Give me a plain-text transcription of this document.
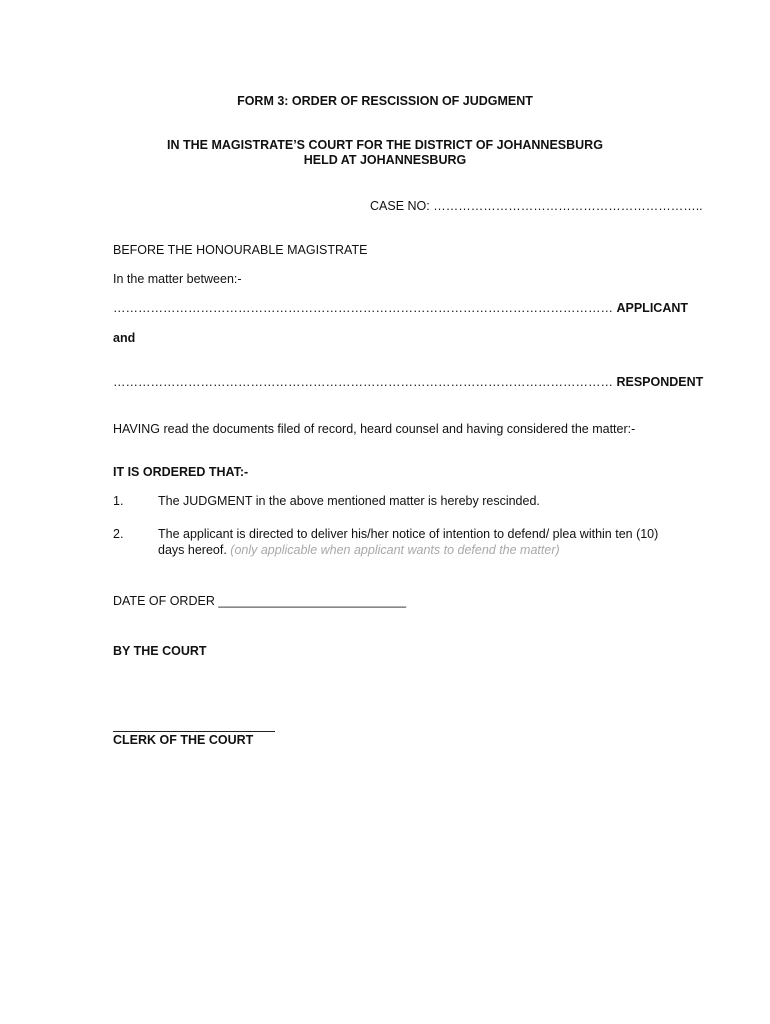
FORM 3: ORDER OF RESCISSION OF JUDGMENT
IN THE MAGISTRATE’S COURT FOR THE DISTRICT OF JOHANNESBURG
HELD AT JOHANNESBURG
CASE NO: ………………………………………………………..
BEFORE THE HONOURABLE MAGISTRATE
In the matter between:-
………………………………………………………………………………………………………… APPLICANT
and
………………………………………………………………………………………………………… RESPONDENT
HAVING read the documents filed of record, heard counsel and having considered the matter:-
IT IS ORDERED THAT:-
1.	The JUDGMENT in the above mentioned matter is hereby rescinded.
2.	The applicant is directed to deliver his/her notice of intention to defend/ plea within ten (10)
days hereof. (only applicable when applicant wants to defend the matter)
DATE OF ORDER ___________________________
BY THE COURT
CLERK OF THE COURT
